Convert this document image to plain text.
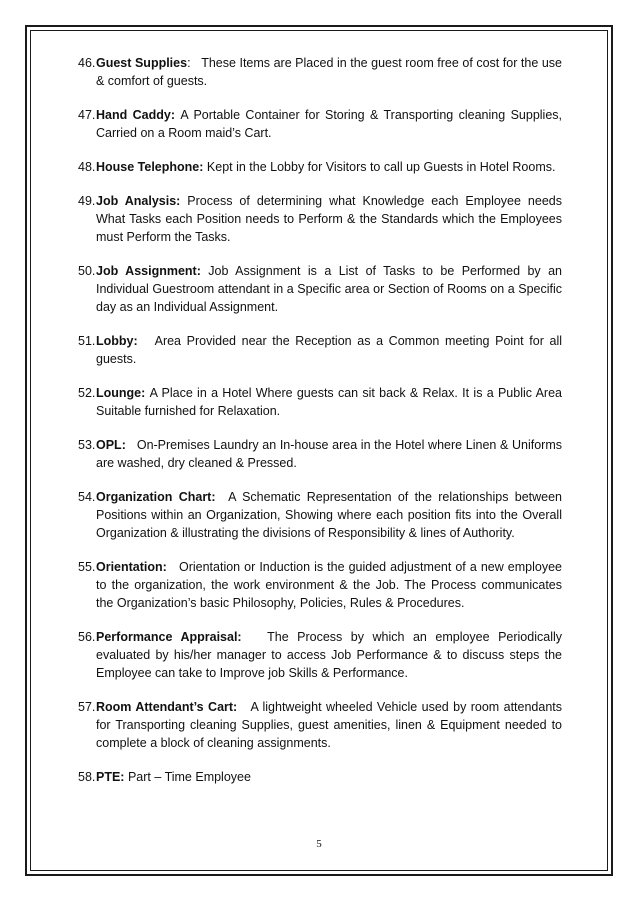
46. Guest Supplies: These Items are Placed in the guest room free of cost for the use & comfort of guests.
47. Hand Caddy: A Portable Container for Storing & Transporting cleaning Supplies, Carried on a Room maid’s Cart.
48. House Telephone: Kept in the Lobby for Visitors to call up Guests in Hotel Rooms.
49. Job Analysis: Process of determining what Knowledge each Employee needs What Tasks each Position needs to Perform & the Standards which the Employees must Perform the Tasks.
50. Job Assignment: Job Assignment is a List of Tasks to be Performed by an Individual Guestroom attendant in a Specific area or Section of Rooms on a Specific day as an Individual Assignment.
51. Lobby: Area Provided near the Reception as a Common meeting Point for all guests.
52. Lounge: A Place in a Hotel Where guests can sit back & Relax. It is a Public Area Suitable furnished for Relaxation.
53. OPL: On-Premises Laundry an In-house area in the Hotel where Linen & Uniforms are washed, dry cleaned & Pressed.
54. Organization Chart: A Schematic Representation of the relationships between Positions within an Organization, Showing where each position fits into the Overall Organization & illustrating the divisions of Responsibility & lines of Authority.
55. Orientation: Orientation or Induction is the guided adjustment of a new employee to the organization, the work environment & the Job. The Process communicates the Organization’s basic Philosophy, Policies, Rules & Procedures.
56. Performance Appraisal: The Process by which an employee Periodically evaluated by his/her manager to access Job Performance & to discuss steps the Employee can take to Improve job Skills & Performance.
57. Room Attendant’s Cart: A lightweight wheeled Vehicle used by room attendants for Transporting cleaning Supplies, guest amenities, linen & Equipment needed to complete a block of cleaning assignments.
58. PTE: Part – Time Employee
5
